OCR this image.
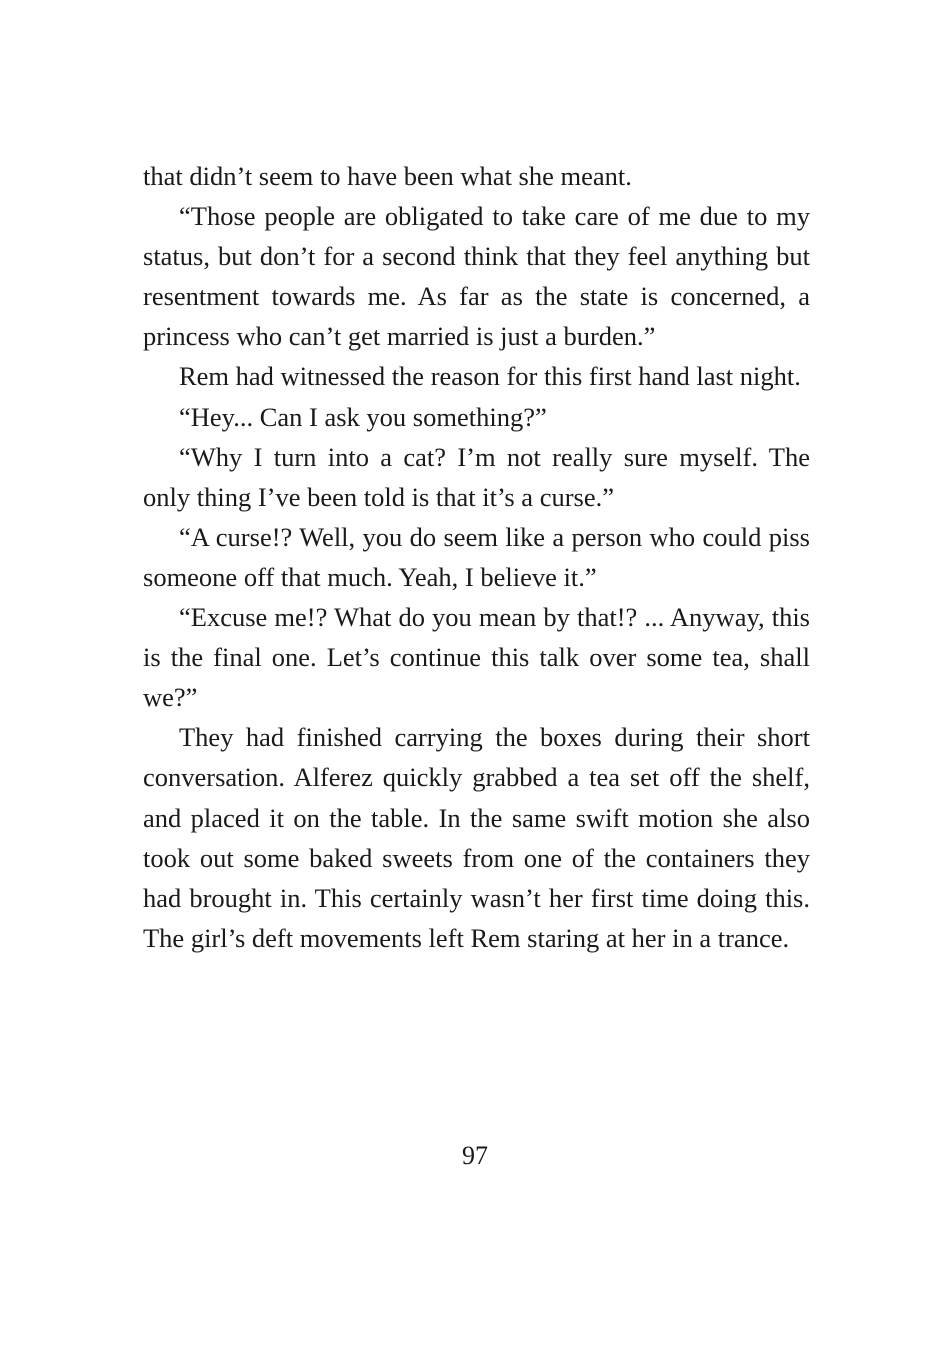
that didn’t seem to have been what she meant.

“Those people are obligated to take care of me due to my status, but don’t for a second think that they feel anything but resentment towards me. As far as the state is concerned, a princess who can’t get married is just a burden.”

Rem had witnessed the reason for this first hand last night.

“Hey... Can I ask you something?”

“Why I turn into a cat? I’m not really sure myself. The only thing I’ve been told is that it’s a curse.”

“A curse!? Well, you do seem like a person who could piss someone off that much. Yeah, I believe it.”

“Excuse me!? What do you mean by that!? ... Anyway, this is the final one. Let’s continue this talk over some tea, shall we?”

They had finished carrying the boxes during their short conversation. Alferez quickly grabbed a tea set off the shelf, and placed it on the table. In the same swift motion she also took out some baked sweets from one of the containers they had brought in. This certainly wasn’t her first time doing this. The girl’s deft movements left Rem staring at her in a trance.

97
